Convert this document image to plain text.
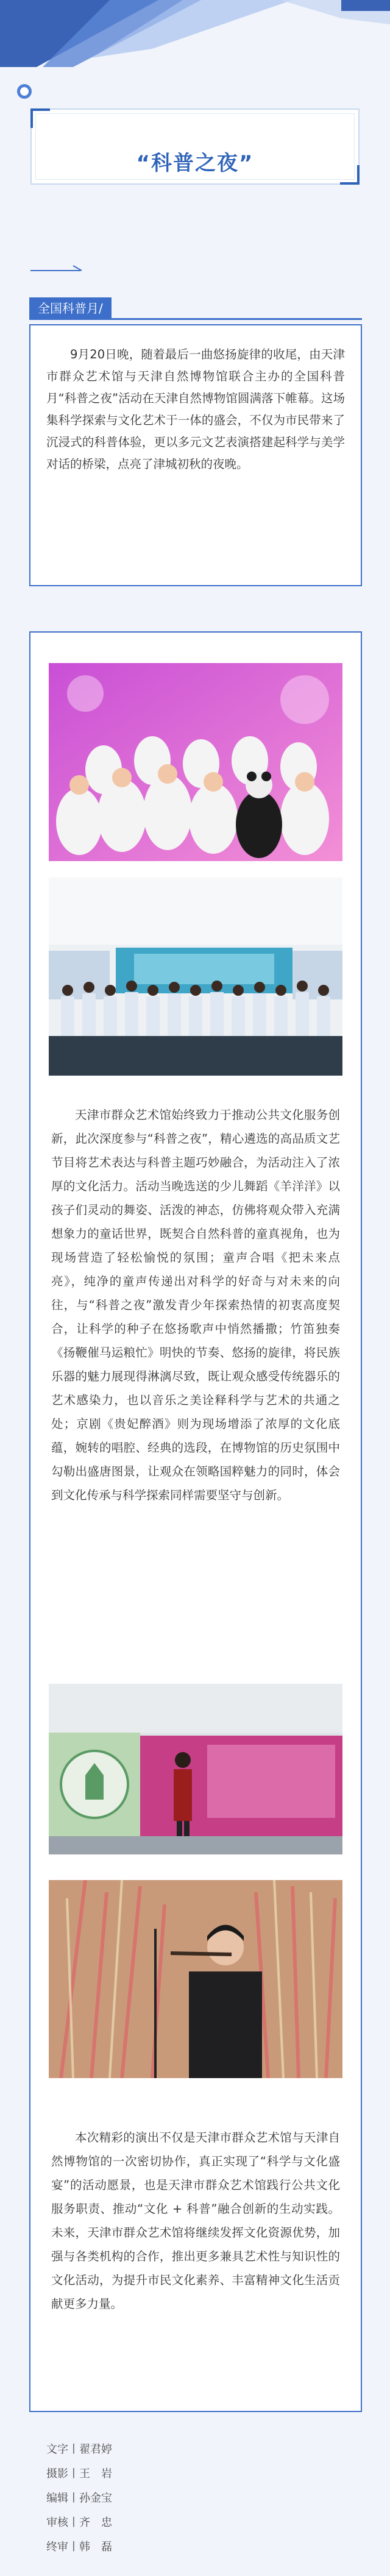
“科普之夜”
全国科普月/
9月20日晚，随着最后一曲悠扬旋律的收尾，由天津市群众艺术馆与天津自然博物馆联合主办的全国科普月“科普之夜”活动在天津自然博物馆圆满落下帷幕。这场集科学探索与文化艺术于一体的盛会，不仅为市民带来了沉浸式的科普体验，更以多元文艺表演搭建起科学与美学对话的桥梁，点亮了津城初秋的夜晚。
天津市群众艺术馆始终致力于推动公共文化服务创新，此次深度参与“科普之夜”，精心遴选的高品质文艺节目将艺术表达与科普主题巧妙融合，为活动注入了浓厚的文化活力。活动当晚选送的少儿舞蹈《羊洋洋》以孩子们灵动的舞姿、活泼的神态，仿佛将观众带入充满想象力的童话世界，既契合自然科普的童真视角，也为现场营造了轻松愉悦的氛围；童声合唱《把未来点亮》，纯净的童声传递出对科学的好奇与对未来的向往，与“科普之夜”激发青少年探索热情的初衷高度契合，让科学的种子在悠扬歌声中悄然播撒；竹笛独奏《扬鞭催马运粮忙》明快的节奏、悠扬的旋律，将民族乐器的魅力展现得淋漓尽致，既让观众感受传统器乐的艺术感染力，也以音乐之美诠释科学与艺术的共通之处；京剧《贵妃醉酒》则为现场增添了浓厚的文化底蕴，婉转的唱腔、经典的选段，在博物馆的历史氛围中勾勒出盛唐图景，让观众在领略国粹魅力的同时，体会到文化传承与科学探索同样需要坚守与创新。
本次精彩的演出不仅是天津市群众艺术馆与天津自然博物馆的一次密切协作，真正实现了“科学与文化盛宴”的活动愿景，也是天津市群众艺术馆践行公共文化服务职责、推动“文化 + 科普”融合创新的生动实践。未来，天津市群众艺术馆将继续发挥文化资源优势，加强与各类机构的合作，推出更多兼具艺术性与知识性的文化活动，为提升市民文化素养、丰富精神文化生活贡献更多力量。
文字丨翟君婷
摄影丨王　岩
编辑丨孙金宝
审核丨齐　忠
终审丨韩　磊
